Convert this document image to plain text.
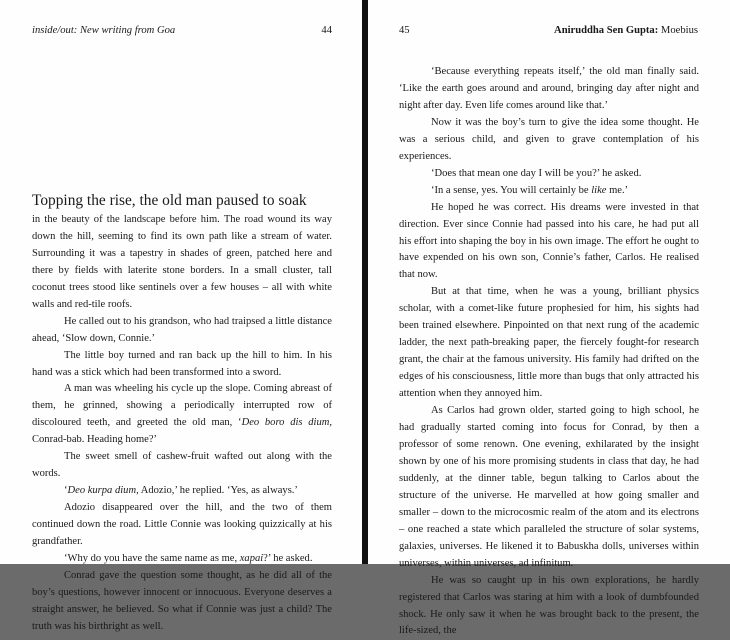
inside/out: New writing from Goa	44

Topping the rise, the old man paused to soak
in the beauty of the landscape before him. The road wound its way down the hill, seeming to find its own path like a stream of water. Surrounding it was a tapestry in shades of green, patched here and there by fields with laterite stone borders. In a small cluster, tall coconut trees stood like sentinels over a few houses – all with white walls and red-tile roofs.

He called out to his grandson, who had traipsed a little distance ahead, ‘Slow down, Connie.’

The little boy turned and ran back up the hill to him. In his hand was a stick which had been transformed into a sword.

A man was wheeling his cycle up the slope. Coming abreast of them, he grinned, showing a periodically interrupted row of discoloured teeth, and greeted the old man, ‘Deo boro dis dium, Conrad-bab. Heading home?’

The sweet smell of cashew-fruit wafted out along with the words.

‘Deo kurpa dium, Adozio,’ he replied. ‘Yes, as always.’

Adozio disappeared over the hill, and the two of them continued down the road. Little Connie was looking quizzically at his grandfather.

‘Why do you have the same name as me, xapai?’ he asked.

Conrad gave the question some thought, as he did all of the boy’s questions, however innocent or innocuous. Everyone deserves a straight answer, he believed. So what if Connie was just a child? The truth was his birthright as well.

45	Aniruddha Sen Gupta: Moebius

‘Because everything repeats itself,’ the old man finally said. ‘Like the earth goes around and around, bringing day after night and night after day. Even life comes around like that.’

Now it was the boy’s turn to give the idea some thought. He was a serious child, and given to grave contemplation of his experiences.

‘Does that mean one day I will be you?’ he asked.

‘In a sense, yes. You will certainly be like me.’

He hoped he was correct. His dreams were invested in that direction. Ever since Connie had passed into his care, he had put all his effort into shaping the boy in his own image. The effort he ought to have expended on his own son, Connie’s father, Carlos. He realised that now.

But at that time, when he was a young, brilliant physics scholar, with a comet-like future prophesied for him, his sights had been trained elsewhere. Pinpointed on that next rung of the academic ladder, the next path-breaking paper, the fiercely fought-for research grant, the chair at the famous university. His family had drifted on the edges of his consciousness, little more than bugs that only attracted his attention when they annoyed him.

As Carlos had grown older, started going to high school, he had gradually started coming into focus for Conrad, by then a professor of some renown. One evening, exhilarated by the insight shown by one of his more promising students in class that day, he had suddenly, at the dinner table, begun talking to Carlos about the structure of the universe. He marvelled at how going smaller and smaller – down to the microcosmic realm of the atom and its electrons – one reached a state which paralleled the structure of solar systems, galaxies, universes. He likened it to Babuskha dolls, universes within universes, within universes, ad infinitum.

He was so caught up in his own explorations, he hardly registered that Carlos was staring at him with a look of dumbfounded shock. He only saw it when he was brought back to the present, the life-sized, the
